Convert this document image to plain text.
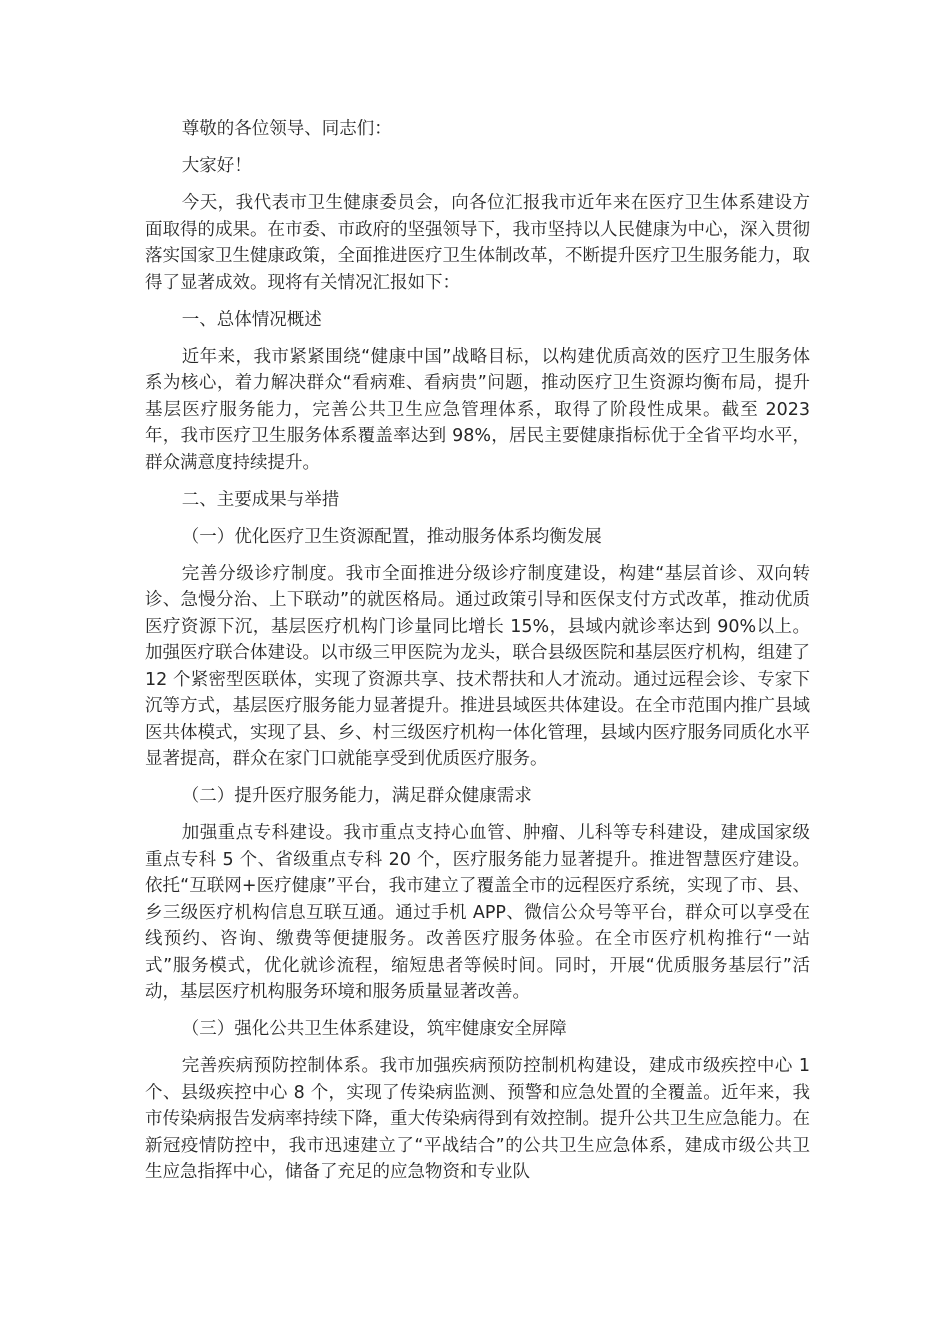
尊敬的各位领导、同志们：

大家好！

今天，我代表市卫生健康委员会，向各位汇报我市近年来在医疗卫生体系建设方面取得的成果。在市委、市政府的坚强领导下，我市坚持以人民健康为中心，深入贯彻落实国家卫生健康政策，全面推进医疗卫生体制改革，不断提升医疗卫生服务能力，取得了显著成效。现将有关情况汇报如下：

一、总体情况概述

近年来，我市紧紧围绕“健康中国”战略目标，以构建优质高效的医疗卫生服务体系为核心，着力解决群众“看病难、看病贵”问题，推动医疗卫生资源均衡布局，提升基层医疗服务能力，完善公共卫生应急管理体系，取得了阶段性成果。截至 2023 年，我市医疗卫生服务体系覆盖率达到 98%，居民主要健康指标优于全省平均水平，群众满意度持续提升。

二、主要成果与举措

（一）优化医疗卫生资源配置，推动服务体系均衡发展

完善分级诊疗制度。我市全面推进分级诊疗制度建设，构建“基层首诊、双向转诊、急慢分治、上下联动”的就医格局。通过政策引导和医保支付方式改革，推动优质医疗资源下沉，基层医疗机构门诊量同比增长 15%，县域内就诊率达到 90%以上。加强医疗联合体建设。以市级三甲医院为龙头，联合县级医院和基层医疗机构，组建了 12 个紧密型医联体，实现了资源共享、技术帮扶和人才流动。通过远程会诊、专家下沉等方式，基层医疗服务能力显著提升。推进县域医共体建设。在全市范围内推广县域医共体模式，实现了县、乡、村三级医疗机构一体化管理，县域内医疗服务同质化水平显著提高，群众在家门口就能享受到优质医疗服务。

（二）提升医疗服务能力，满足群众健康需求

加强重点专科建设。我市重点支持心血管、肿瘤、儿科等专科建设，建成国家级重点专科 5 个、省级重点专科 20 个，医疗服务能力显著提升。推进智慧医疗建设。依托“互联网+医疗健康”平台，我市建立了覆盖全市的远程医疗系统，实现了市、县、乡三级医疗机构信息互联互通。通过手机 APP、微信公众号等平台，群众可以享受在线预约、咨询、缴费等便捷服务。改善医疗服务体验。在全市医疗机构推行“一站式”服务模式，优化就诊流程，缩短患者等候时间。同时，开展“优质服务基层行”活动，基层医疗机构服务环境和服务质量显著改善。

（三）强化公共卫生体系建设，筑牢健康安全屏障

完善疾病预防控制体系。我市加强疾病预防控制机构建设，建成市级疾控中心 1 个、县级疾控中心 8 个，实现了传染病监测、预警和应急处置的全覆盖。近年来，我市传染病报告发病率持续下降，重大传染病得到有效控制。提升公共卫生应急能力。在新冠疫情防控中，我市迅速建立了“平战结合”的公共卫生应急体系，建成市级公共卫生应急指挥中心，储备了充足的应急物资和专业队
